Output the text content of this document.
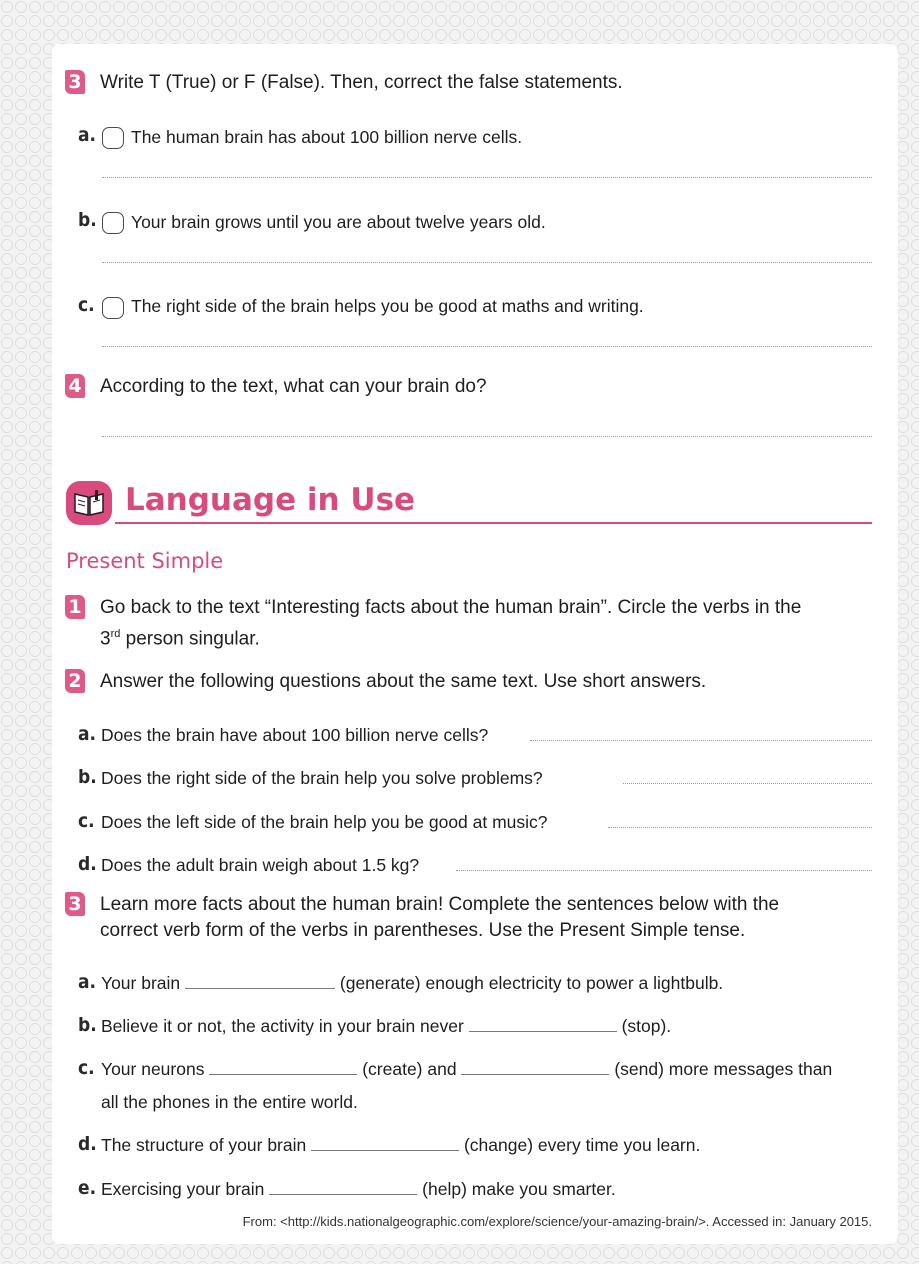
3 Write T (True) or F (False). Then, correct the false statements.
a. The human brain has about 100 billion nerve cells.
b. Your brain grows until you are about twelve years old.
c. The right side of the brain helps you be good at maths and writing.
4 According to the text, what can your brain do?
Language in Use
Present Simple
1 Go back to the text “Interesting facts about the human brain”. Circle the verbs in the
3rd person singular.
2 Answer the following questions about the same text. Use short answers.
a. Does the brain have about 100 billion nerve cells?
b. Does the right side of the brain help you solve problems?
c. Does the left side of the brain help you be good at music?
d. Does the adult brain weigh about 1.5 kg?
3 Learn more facts about the human brain! Complete the sentences below with the
correct verb form of the verbs in parentheses. Use the Present Simple tense.
a. Your brain	(generate) enough electricity to power a lightbulb.
b. Believe it or not, the activity in your brain never	(stop).
c. Your neurons	(create) and	(send) more messages than
all the phones in the entire world.
d. The structure of your brain	(change) every time you learn.
e. Exercising your brain	(help) make you smarter.
From: <http://kids.nationalgeographic.com/explore/science/your-amazing-brain/>. Accessed in: January 2015.
